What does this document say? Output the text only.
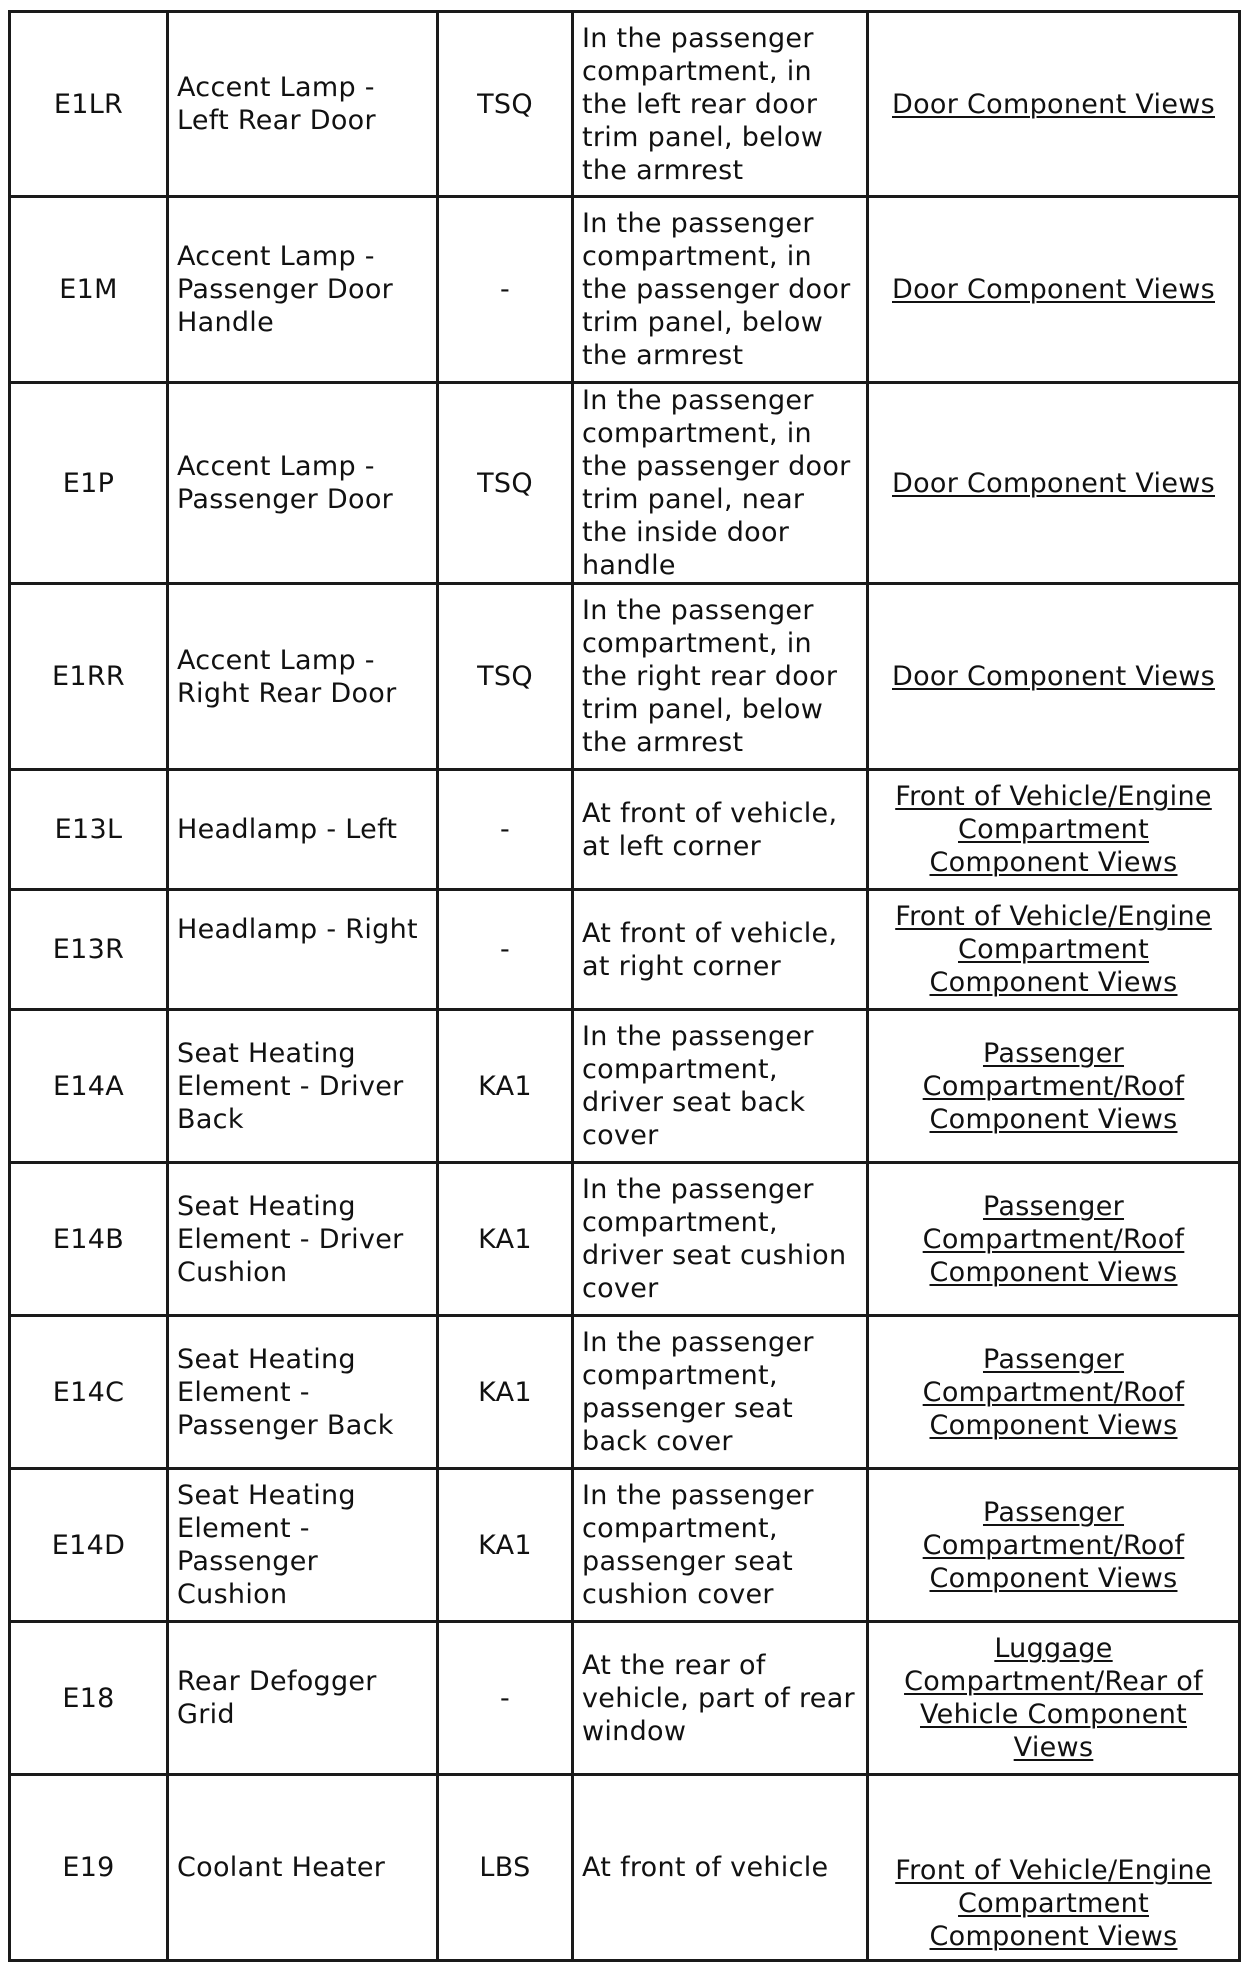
E1LR	Accent Lamp - Left Rear Door	TSQ	In the passenger compartment, in the left rear door trim panel, below the armrest	Door Component Views
E1M	Accent Lamp - Passenger Door Handle	-	In the passenger compartment, in the passenger door trim panel, below the armrest	Door Component Views
E1P	Accent Lamp - Passenger Door	TSQ	In the passenger compartment, in the passenger door trim panel, near the inside door handle	Door Component Views
E1RR	Accent Lamp - Right Rear Door	TSQ	In the passenger compartment, in the right rear door trim panel, below the armrest	Door Component Views
E13L	Headlamp - Left	-	At front of vehicle, at left corner	Front of Vehicle/Engine Compartment Component Views
E13R	Headlamp - Right	-	At front of vehicle, at right corner	Front of Vehicle/Engine Compartment Component Views
E14A	Seat Heating Element - Driver Back	KA1	In the passenger compartment, driver seat back cover	Passenger Compartment/Roof Component Views
E14B	Seat Heating Element - Driver Cushion	KA1	In the passenger compartment, driver seat cushion cover	Passenger Compartment/Roof Component Views
E14C	Seat Heating Element - Passenger Back	KA1	In the passenger compartment, passenger seat back cover	Passenger Compartment/Roof Component Views
E14D	Seat Heating Element - Passenger Cushion	KA1	In the passenger compartment, passenger seat cushion cover	Passenger Compartment/Roof Component Views
E18	Rear Defogger Grid	-	At the rear of vehicle, part of rear window	Luggage Compartment/Rear of Vehicle Component Views
E19	Coolant Heater	LBS	At front of vehicle	Front of Vehicle/Engine Compartment Component Views
